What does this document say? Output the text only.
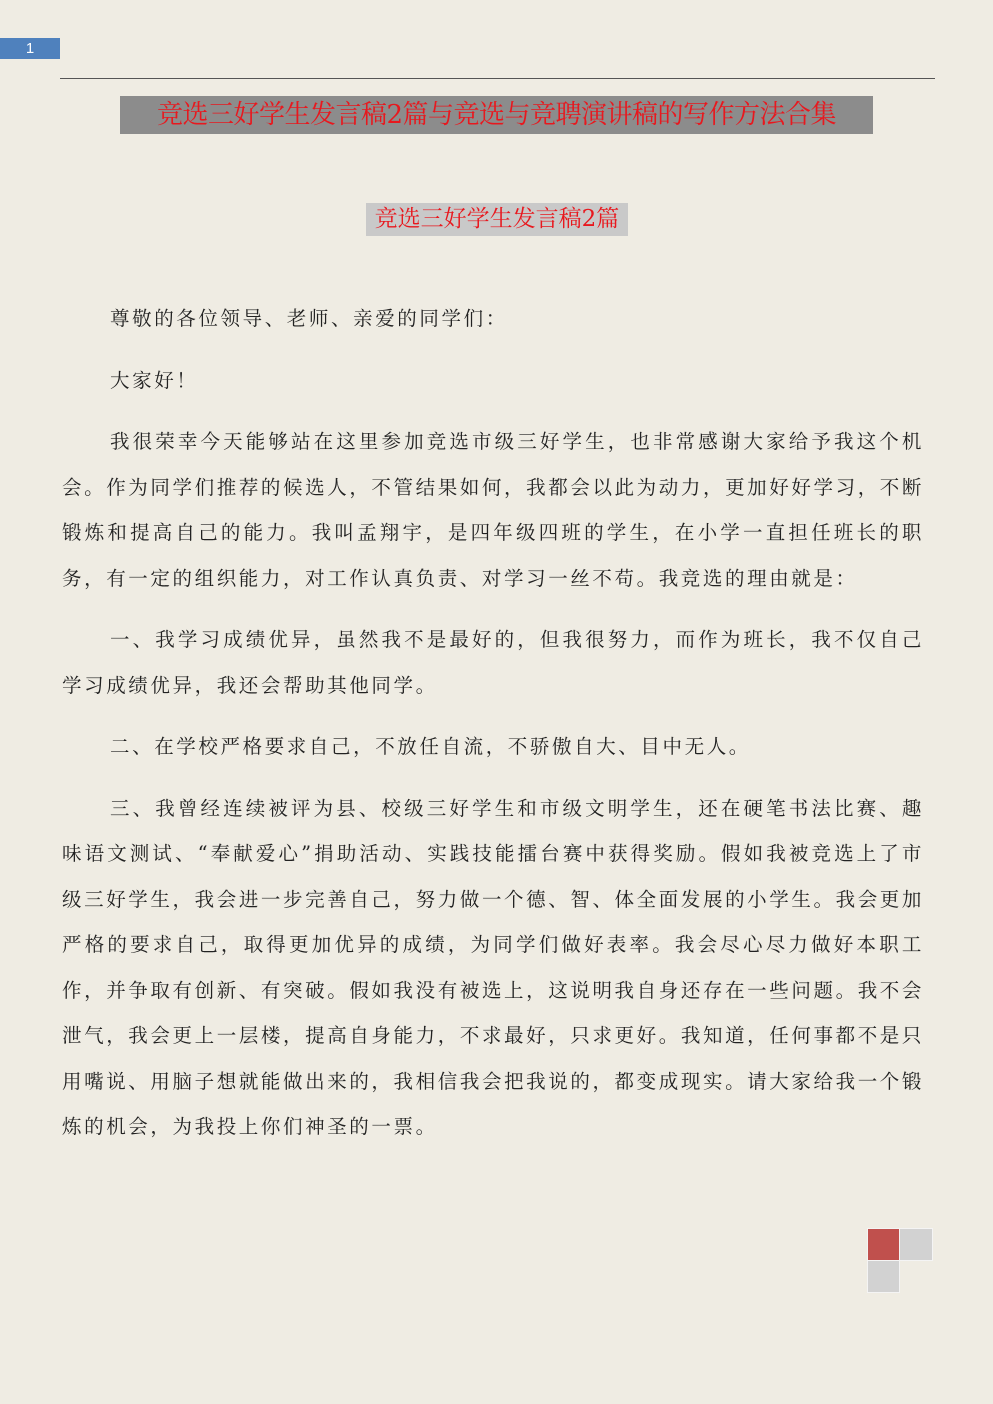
1
竞选三好学生发言稿2篇与竞选与竞聘演讲稿的写作方法合集
竞选三好学生发言稿2篇

尊敬的各位领导、老师、亲爱的同学们：

大家好！

我很荣幸今天能够站在这里参加竞选市级三好学生，也非常感谢大家给予我这个机会。作为同学们推荐的候选人，不管结果如何，我都会以此为动力，更加好好学习，不断锻炼和提高自己的能力。我叫孟翔宇，是四年级四班的学生，在小学一直担任班长的职务，有一定的组织能力，对工作认真负责、对学习一丝不苟。我竞选的理由就是：

一、我学习成绩优异，虽然我不是最好的，但我很努力，而作为班长，我不仅自己学习成绩优异，我还会帮助其他同学。

二、在学校严格要求自己，不放任自流，不骄傲自大、目中无人。

三、我曾经连续被评为县、校级三好学生和市级文明学生，还在硬笔书法比赛、趣味语文测试、“奉献爱心”捐助活动、实践技能擂台赛中获得奖励。假如我被竞选上了市级三好学生，我会进一步完善自己，努力做一个德、智、体全面发展的小学生。我会更加严格的要求自己，取得更加优异的成绩，为同学们做好表率。我会尽心尽力做好本职工作，并争取有创新、有突破。假如我没有被选上，这说明我自身还存在一些问题。我不会泄气，我会更上一层楼，提高自身能力，不求最好，只求更好。我知道，任何事都不是只用嘴说、用脑子想就能做出来的，我相信我会把我说的，都变成现实。请大家给我一个锻炼的机会，为我投上你们神圣的一票。
